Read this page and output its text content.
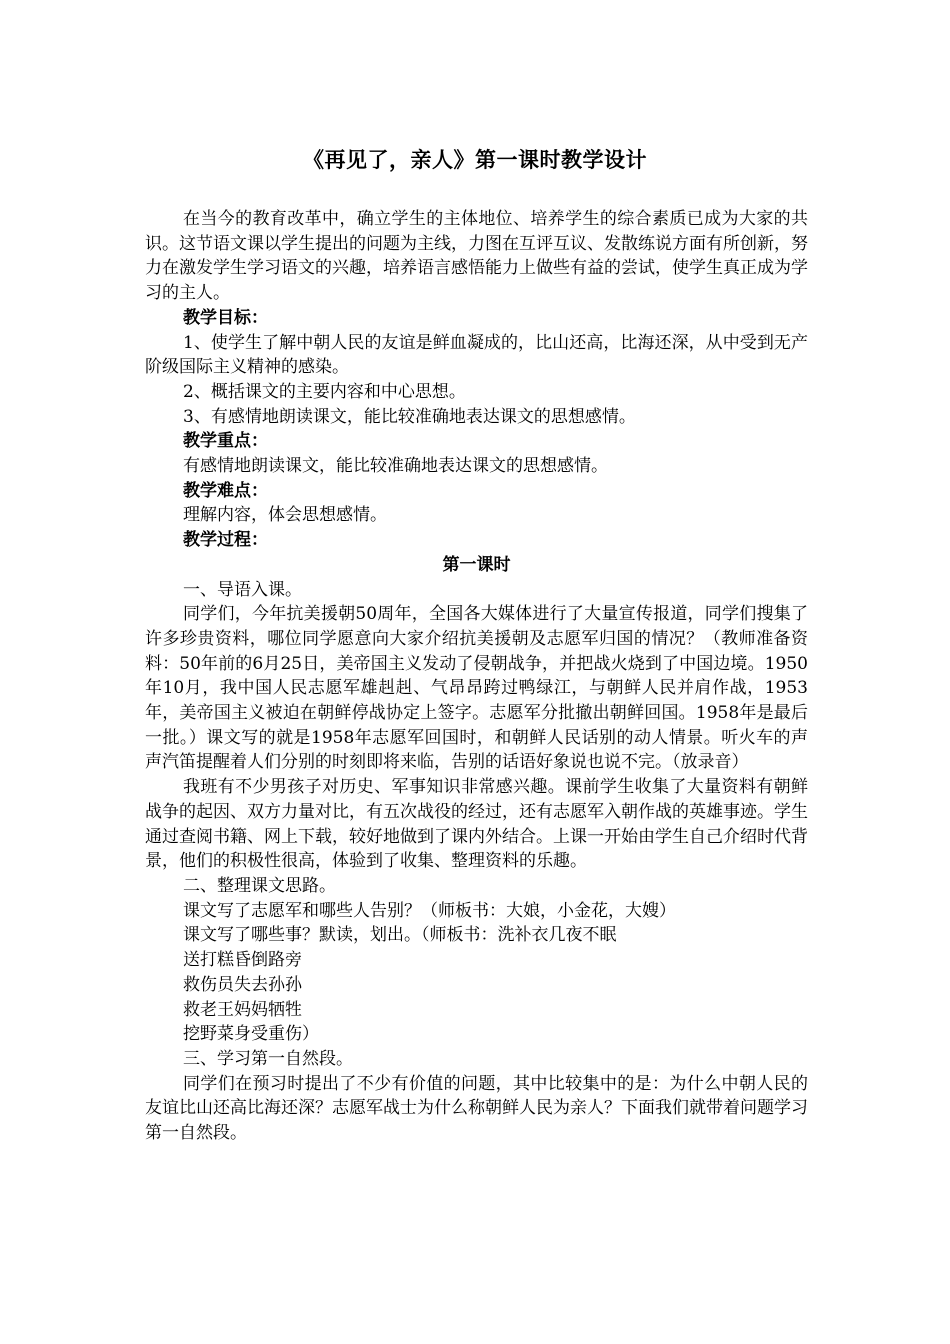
《再见了，亲人》第一课时教学设计

在当今的教育改革中，确立学生的主体地位、培养学生的综合素质已成为大家的共识。这节语文课以学生提出的问题为主线，力图在互评互议、发散练说方面有所创新，努力在激发学生学习语文的兴趣，培养语言感悟能力上做些有益的尝试，使学生真正成为学习的主人。

教学目标：

1、使学生了解中朝人民的友谊是鲜血凝成的，比山还高，比海还深，从中受到无产阶级国际主义精神的感染。

2、概括课文的主要内容和中心思想。

3、有感情地朗读课文，能比较准确地表达课文的思想感情。

教学重点：

有感情地朗读课文，能比较准确地表达课文的思想感情。

教学难点：

理解内容，体会思想感情。

教学过程：

第一课时

一、导语入课。

同学们，今年抗美援朝50周年，全国各大媒体进行了大量宣传报道，同学们搜集了许多珍贵资料，哪位同学愿意向大家介绍抗美援朝及志愿军归国的情况？（教师准备资料：50年前的6月25日，美帝国主义发动了侵朝战争，并把战火烧到了中国边境。1950年10月，我中国人民志愿军雄赳赳、气昂昂跨过鸭绿江，与朝鲜人民并肩作战，1953年，美帝国主义被迫在朝鲜停战协定上签字。志愿军分批撤出朝鲜回国。1958年是最后一批。）课文写的就是1958年志愿军回国时，和朝鲜人民话别的动人情景。听火车的声声汽笛提醒着人们分别的时刻即将来临，告别的话语好象说也说不完。（放录音）

我班有不少男孩子对历史、军事知识非常感兴趣。课前学生收集了大量资料有朝鲜战争的起因、双方力量对比，有五次战役的经过，还有志愿军入朝作战的英雄事迹。学生通过查阅书籍、网上下载，较好地做到了课内外结合。上课一开始由学生自己介绍时代背景，他们的积极性很高，体验到了收集、整理资料的乐趣。

二、整理课文思路。

课文写了志愿军和哪些人告别？（师板书：大娘，小金花，大嫂）

课文写了哪些事？默读，划出。（师板书：洗补衣几夜不眠

送打糕昏倒路旁

救伤员失去孙孙

救老王妈妈牺牲

挖野菜身受重伤）

三、学习第一自然段。

同学们在预习时提出了不少有价值的问题，其中比较集中的是：为什么中朝人民的友谊比山还高比海还深？志愿军战士为什么称朝鲜人民为亲人？下面我们就带着问题学习第一自然段。
